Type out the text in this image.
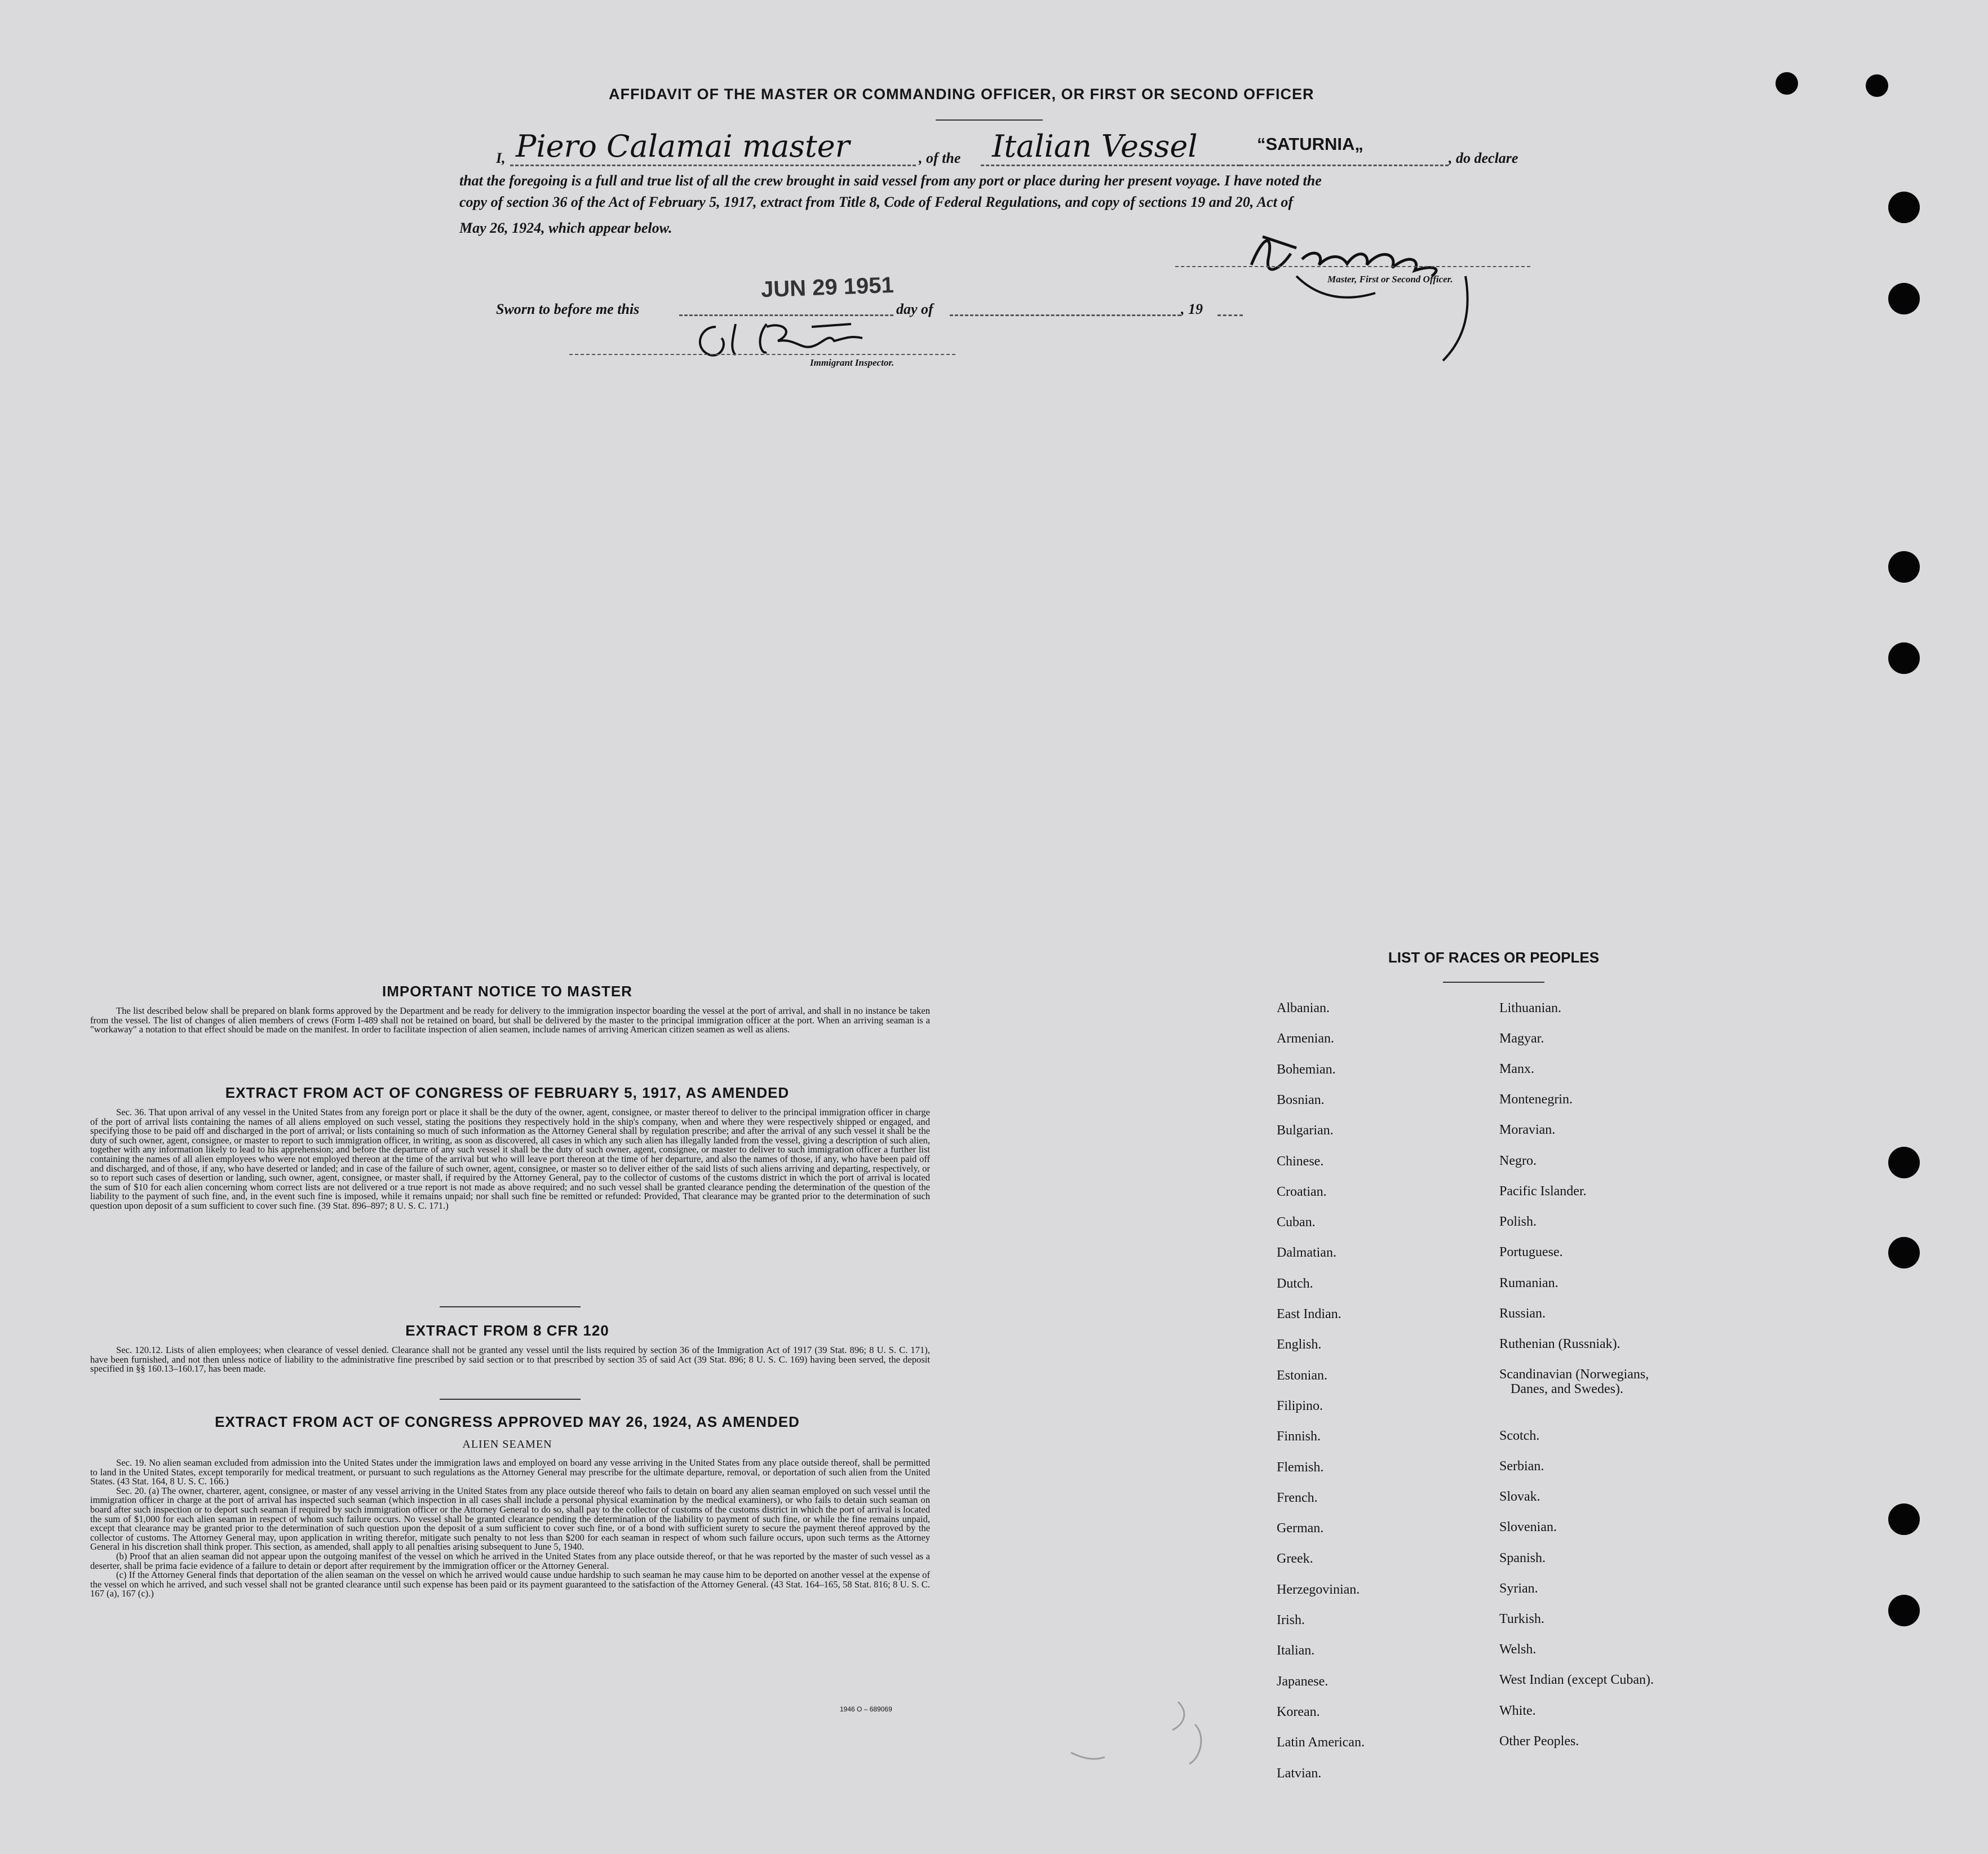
AFFIDAVIT OF THE MASTER OR COMMANDING OFFICER, OR FIRST OR SECOND OFFICER
I, Piero Calamai master	, of the Italian Vessel	“SATURNIA„
, do declare
that the foregoing is a full and true list of all the crew brought in said vessel from any port or place during her present voyage. I have noted the
copy of section 36 of the Act of February 5, 1917, extract from Title 8, Code of Federal Regulations, and copy of sections 19 and 20, Act of
May 26, 1924, which appear below.
Master, First or Second Officer.
Sworn to before me this
JUN 29 1951
day of	, 19
Immigrant Inspector.
IMPORTANT NOTICE TO MASTER

The list described below shall be prepared on blank forms approved by the Department and be ready for delivery to the immigration inspector boarding the vessel at the port of arrival, and shall in no instance be taken from the vessel. The list of changes of alien members of crews (Form I-489 shall not be retained on board, but shall be delivered by the master to the principal immigration officer at the port. When an arriving seaman is a "workaway" a notation to that effect should be made on the manifest. In order to facilitate inspection of alien seamen, include names of arriving American citizen seamen as well as aliens.

EXTRACT FROM ACT OF CONGRESS OF FEBRUARY 5, 1917, AS AMENDED

Sec. 36. That upon arrival of any vessel in the United States from any foreign port or place it shall be the duty of the owner, agent, consignee, or master thereof to deliver to the principal immigration officer in charge of the port of arrival lists containing the names of all aliens employed on such vessel, stating the positions they respectively hold in the ship's company, when and where they were respectively shipped or engaged, and specifying those to be paid off and discharged in the port of arrival; or lists containing so much of such information as the Attorney General shall by regulation prescribe; and after the arrival of any such vessel it shall be the duty of such owner, agent, consignee, or master to report to such immigration officer, in writing, as soon as discovered, all cases in which any such alien has illegally landed from the vessel, giving a description of such alien, together with any information likely to lead to his apprehension; and before the departure of any such vessel it shall be the duty of such owner, agent, consignee, or master to deliver to such immigration officer a further list containing the names of all alien employees who were not employed thereon at the time of the arrival but who will leave port thereon at the time of her departure, and also the names of those, if any, who have been paid off and discharged, and of those, if any, who have deserted or landed; and in case of the failure of such owner, agent, consignee, or master so to deliver either of the said lists of such aliens arriving and departing, respectively, or so to report such cases of desertion or landing, such owner, agent, consignee, or master shall, if required by the Attorney General, pay to the collector of customs of the customs district in which the port of arrival is located the sum of $10 for each alien concerning whom correct lists are not delivered or a true report is not made as above required; and no such vessel shall be granted clearance pending the determination of the question of the liability to the payment of such fine, and, in the event such fine is imposed, while it remains unpaid; nor shall such fine be remitted or refunded: Provided, That clearance may be granted prior to the determination of such question upon deposit of a sum sufficient to cover such fine. (39 Stat. 896–897; 8 U. S. C. 171.)

EXTRACT FROM 8 CFR 120

Sec. 120.12. Lists of alien employees; when clearance of vessel denied. Clearance shall not be granted any vessel until the lists required by section 36 of the Immigration Act of 1917 (39 Stat. 896; 8 U. S. C. 171), have been furnished, and not then unless notice of liability to the administrative fine prescribed by said section or to that prescribed by section 35 of said Act (39 Stat. 896; 8 U. S. C. 169) having been served, the deposit specified in §§ 160.13–160.17, has been made.

EXTRACT FROM ACT OF CONGRESS APPROVED MAY 26, 1924, AS AMENDED
ALIEN SEAMEN

Sec. 19. No alien seaman excluded from admission into the United States under the immigration laws and employed on board any vesse arriving in the United States from any place outside thereof, shall be permitted to land in the United States, except temporarily for medical treatment, or pursuant to such regulations as the Attorney General may prescribe for the ultimate departure, removal, or deportation of such alien from the United States. (43 Stat. 164, 8 U. S. C. 166.)

Sec. 20. (a) The owner, charterer, agent, consignee, or master of any vessel arriving in the United States from any place outside thereof who fails to detain on board any alien seaman employed on such vessel until the immigration officer in charge at the port of arrival has inspected such seaman (which inspection in all cases shall include a personal physical examination by the medical examiners), or who fails to detain such seaman on board after such inspection or to deport such seaman if required by such immigration officer or the Attorney General to do so, shall pay to the collector of customs of the customs district in which the port of arrival is located the sum of $1,000 for each alien seaman in respect of whom such failure occurs. No vessel shall be granted clearance pending the determination of the liability to payment of such fine, or while the fine remains unpaid, except that clearance may be granted prior to the determination of such question upon the deposit of a sum sufficient to cover such fine, or of a bond with sufficient surety to secure the payment thereof approved by the collector of customs. The Attorney General may, upon application in writing therefor, mitigate such penalty to not less than $200 for each seaman in respect of whom such failure occurs, upon such terms as the Attorney General in his discretion shall think proper. This section, as amended, shall apply to all penalties arising subsequent to June 5, 1940.

(b) Proof that an alien seaman did not appear upon the outgoing manifest of the vessel on which he arrived in the United States from any place outside thereof, or that he was reported by the master of such vessel as a deserter, shall be prima facie evidence of a failure to detain or deport after requirement by the immigration officer or the Attorney General.

(c) If the Attorney General finds that deportation of the alien seaman on the vessel on which he arrived would cause undue hardship to such seaman he may cause him to be deported on another vessel at the expense of the vessel on which he arrived, and such vessel shall not be granted clearance until such expense has been paid or its payment guaranteed to the satisfaction of the Attorney General. (43 Stat. 164–165, 58 Stat. 816; 8 U. S. C. 167 (a), 167 (c).)

1946 O – 689069
LIST OF RACES OR PEOPLES
Albanian.
Armenian.
Bohemian.
Bosnian.
Bulgarian.
Chinese.
Croatian.
Cuban.
Dalmatian.
Dutch.
East Indian.
English.
Estonian.
Filipino.
Finnish.
Flemish.
French.
German.
Greek.
Herzegovinian.
Irish.
Italian.
Japanese.
Korean.
Latin American.
Latvian.
Lithuanian.
Magyar.
Manx.
Montenegrin.
Moravian.
Negro.
Pacific Islander.
Polish.
Portuguese.
Rumanian.
Russian.
Ruthenian (Russniak).
Scandinavian (Norwegians,
Danes, and Swedes).
Scotch.
Serbian.
Slovak.
Slovenian.
Spanish.
Syrian.
Turkish.
Welsh.
West Indian (except Cuban).
White.
Other Peoples.
